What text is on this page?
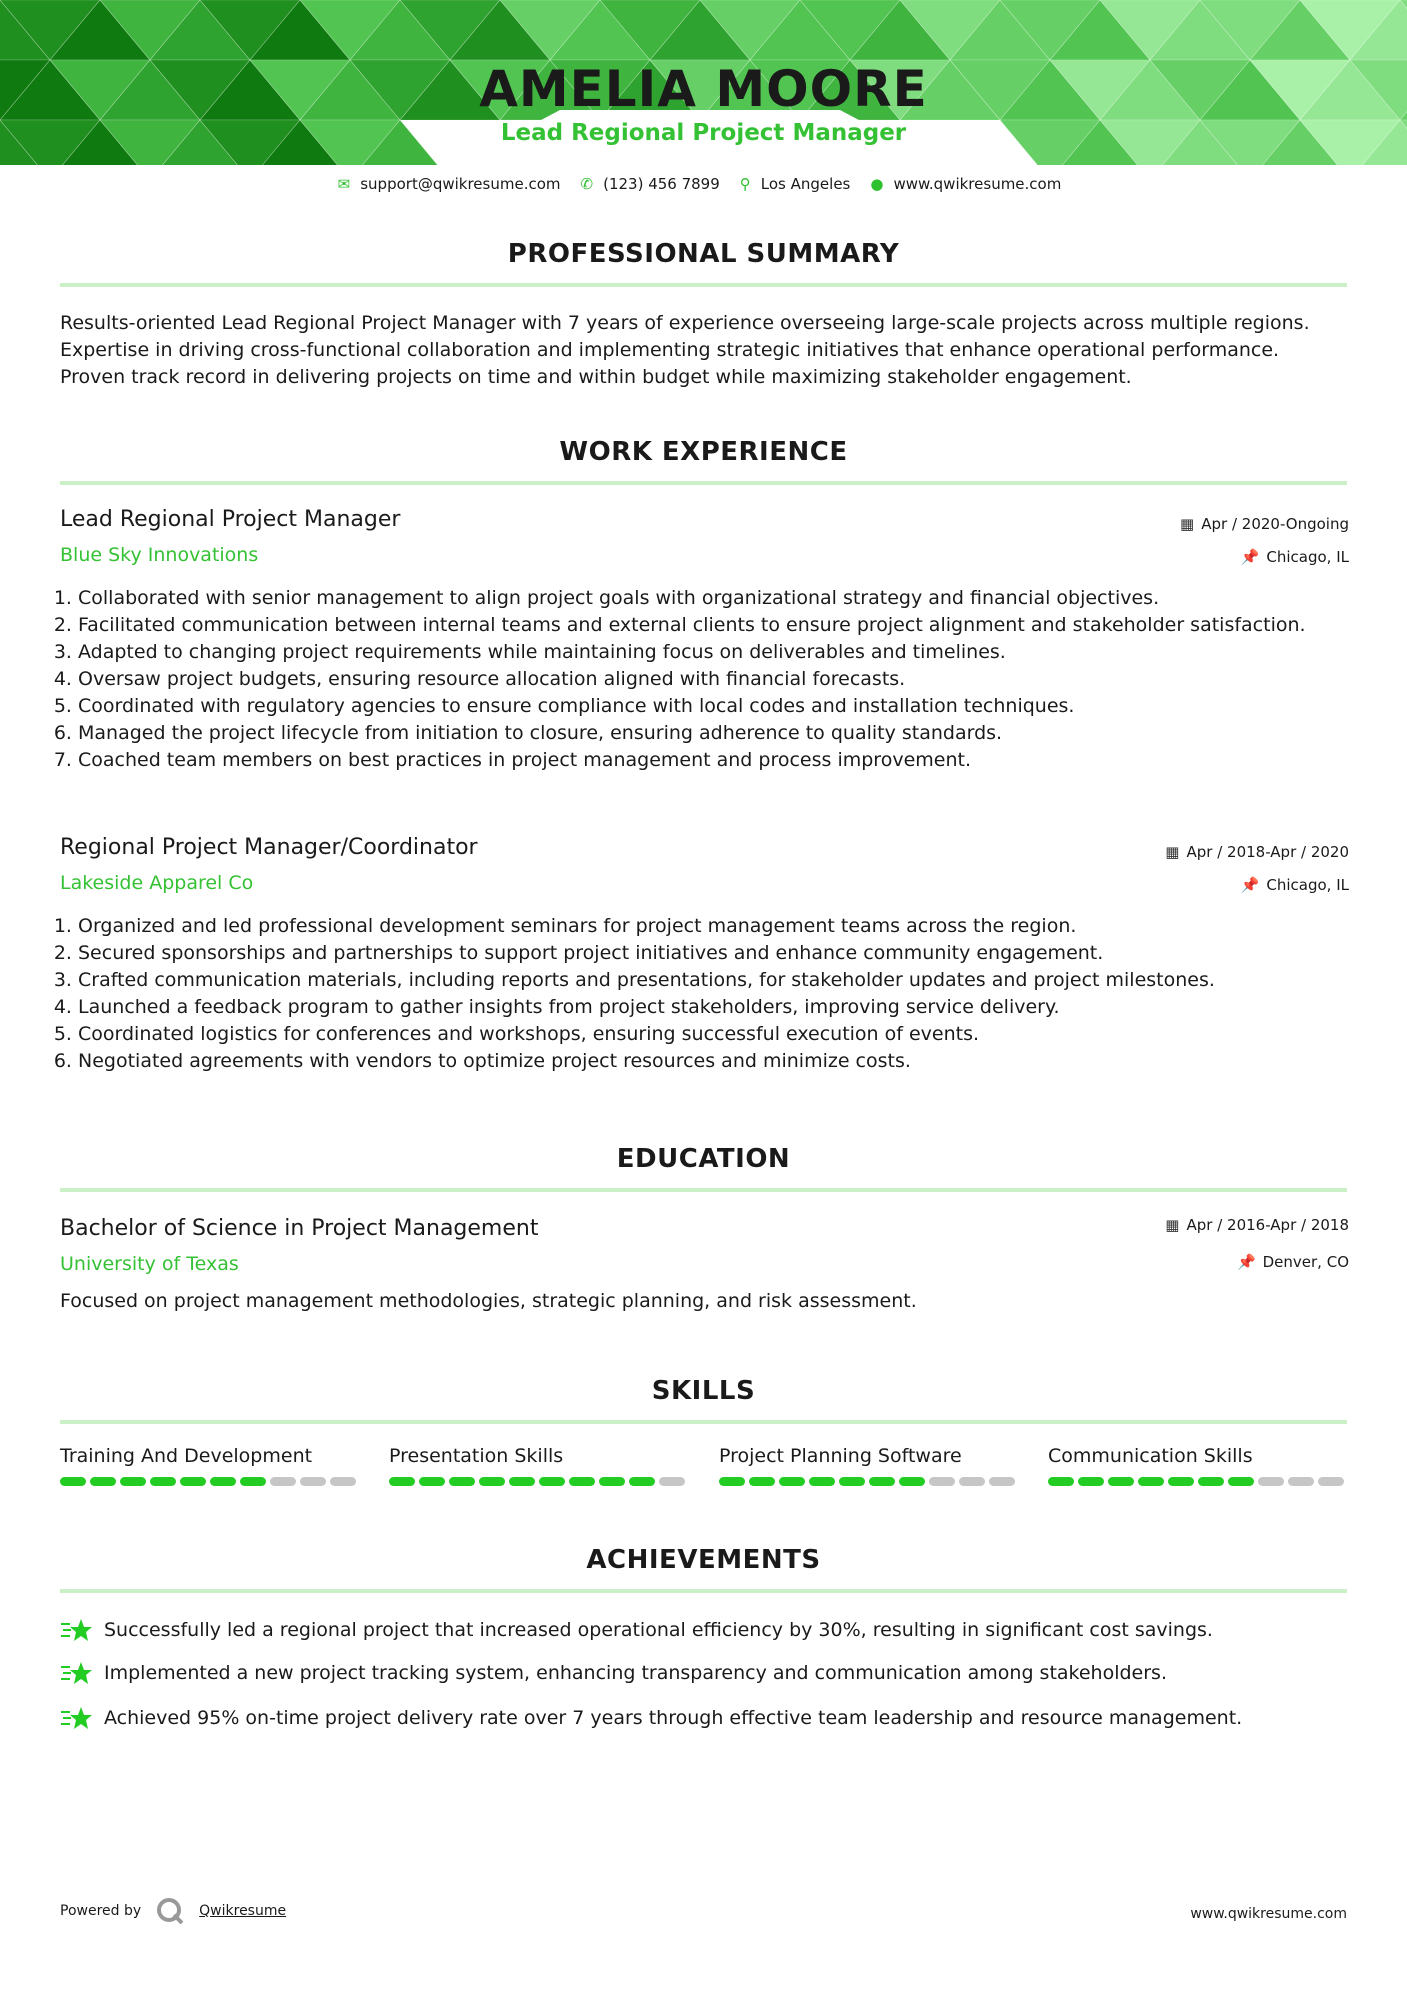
AMELIA MOORE
Lead Regional Project Manager
✉ support@qwikresume.com ✆ (123) 456 7899 ⚲ Los Angeles ● www.qwikresume.com
PROFESSIONAL SUMMARY

Results-oriented Lead Regional Project Manager with 7 years of experience overseeing large-scale projects across multiple regions. Expertise in driving cross-functional collaboration and implementing strategic initiatives that enhance operational performance. Proven track record in delivering projects on time and within budget while maximizing stakeholder engagement.

WORK EXPERIENCE
Lead Regional Project Manager
Blue Sky Innovations
▦ Apr / 2020-Ongoing
📌 Chicago, IL
1. Collaborated with senior management to align project goals with organizational strategy and financial objectives.
2. Facilitated communication between internal teams and external clients to ensure project alignment and stakeholder satisfaction.
3. Adapted to changing project requirements while maintaining focus on deliverables and timelines.
4. Oversaw project budgets, ensuring resource allocation aligned with financial forecasts.
5. Coordinated with regulatory agencies to ensure compliance with local codes and installation techniques.
6. Managed the project lifecycle from initiation to closure, ensuring adherence to quality standards.
7. Coached team members on best practices in project management and process improvement.
Regional Project Manager/Coordinator
Lakeside Apparel Co
▦ Apr / 2018-Apr / 2020
📌 Chicago, IL
1. Organized and led professional development seminars for project management teams across the region.
2. Secured sponsorships and partnerships to support project initiatives and enhance community engagement.
3. Crafted communication materials, including reports and presentations, for stakeholder updates and project milestones.
4. Launched a feedback program to gather insights from project stakeholders, improving service delivery.
5. Coordinated logistics for conferences and workshops, ensuring successful execution of events.
6. Negotiated agreements with vendors to optimize project resources and minimize costs.
EDUCATION
Bachelor of Science in Project Management
University of Texas
▦ Apr / 2016-Apr / 2018
📌 Denver, CO

Focused on project management methodologies, strategic planning, and risk assessment.

SKILLS
Training And Development	Presentation Skills	Project Planning Software	Communication Skills
ACHIEVEMENTS
Successfully led a regional project that increased operational efficiency by 30%, resulting in significant cost savings.
Implemented a new project tracking system, enhancing transparency and communication among stakeholders.
Achieved 95% on-time project delivery rate over 7 years through effective team leadership and resource management.
Powered by	Qwikresume	www.qwikresume.com
